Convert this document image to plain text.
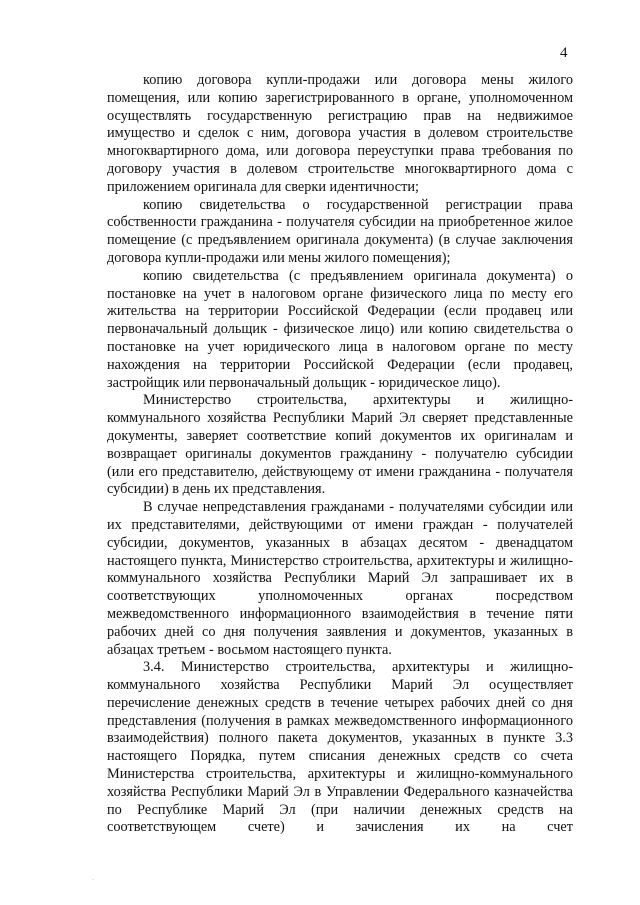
4

копию договора купли-продажи или договора мены жилого помещения, или копию зарегистрированного в органе, уполномоченном осуществлять государственную регистрацию прав на недвижимое имущество и сделок с ним, договора участия в долевом строительстве многоквартирного дома, или договора переуступки права требования по договору участия в долевом строительстве многоквартирного дома с приложением оригинала для сверки идентичности;

копию свидетельства о государственной регистрации права собственности гражданина - получателя субсидии на приобретенное жилое помещение (с предъявлением оригинала документа) (в случае заключения договора купли-продажи или мены жилого помещения);

копию свидетельства (с предъявлением оригинала документа) о постановке на учет в налоговом органе физического лица по месту его жительства на территории Российской Федерации (если продавец или первоначальный дольщик - физическое лицо) или копию свидетельства о постановке на учет юридического лица в налоговом органе по месту нахождения на территории Российской Федерации (если продавец, застройщик или первоначальный дольщик - юридическое лицо).

Министерство строительства, архитектуры и жилищно-коммунального хозяйства Республики Марий Эл сверяет представленные документы, заверяет соответствие копий документов их оригиналам и возвращает оригиналы документов гражданину - получателю субсидии (или его представителю, действующему от имени гражданина - получателя субсидии) в день их представления.

В случае непредставления гражданами - получателями субсидии или их представителями, действующими от имени граждан - получателей субсидии, документов, указанных в абзацах десятом - двенадцатом настоящего пункта, Министерство строительства, архитектуры и жилищно-коммунального хозяйства Республики Марий Эл запрашивает их в соответствующих уполномоченных органах посредством межведомственного информационного взаимодействия в течение пяти рабочих дней со дня получения заявления и документов, указанных в абзацах третьем - восьмом настоящего пункта.

3.4. Министерство строительства, архитектуры и жилищно-коммунального хозяйства Республики Марий Эл осуществляет перечисление денежных средств в течение четырех рабочих дней со дня представления (получения в рамках межведомственного информационного взаимодействия) полного пакета документов, указанных в пункте 3.3 настоящего Порядка, путем списания денежных средств со счета Министерства строительства, архитектуры и жилищно-коммунального хозяйства Республики Марий Эл в Управлении Федерального казначейства по Республике Марий Эл (при наличии денежных средств на соответствующем счете) и зачисления их на счет

·
